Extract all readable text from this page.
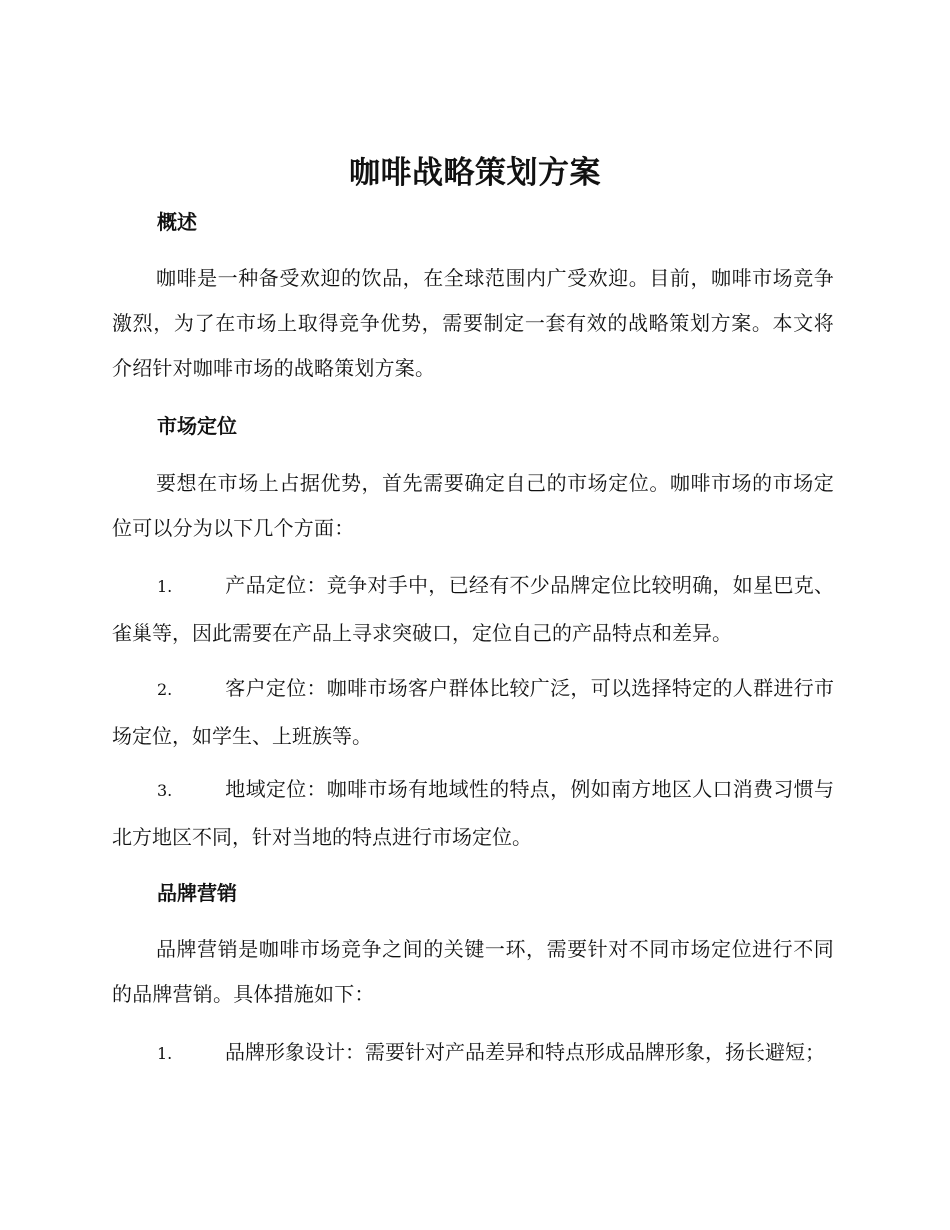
咖啡战略策划方案
概述
咖啡是一种备受欢迎的饮品，在全球范围内广受欢迎。目前，咖啡市场竞争激烈，为了在市场上取得竞争优势，需要制定一套有效的战略策划方案。本文将介绍针对咖啡市场的战略策划方案。
市场定位
要想在市场上占据优势，首先需要确定自己的市场定位。咖啡市场的市场定位可以分为以下几个方面：
1.	产品定位：竞争对手中，已经有不少品牌定位比较明确，如星巴克、雀巢等，因此需要在产品上寻求突破口，定位自己的产品特点和差异。
2.	客户定位：咖啡市场客户群体比较广泛，可以选择特定的人群进行市场定位，如学生、上班族等。
3.	地域定位：咖啡市场有地域性的特点，例如南方地区人口消费习惯与北方地区不同，针对当地的特点进行市场定位。
品牌营销
品牌营销是咖啡市场竞争之间的关键一环，需要针对不同市场定位进行不同的品牌营销。具体措施如下：
1.	品牌形象设计：需要针对产品差异和特点形成品牌形象，扬长避短；
